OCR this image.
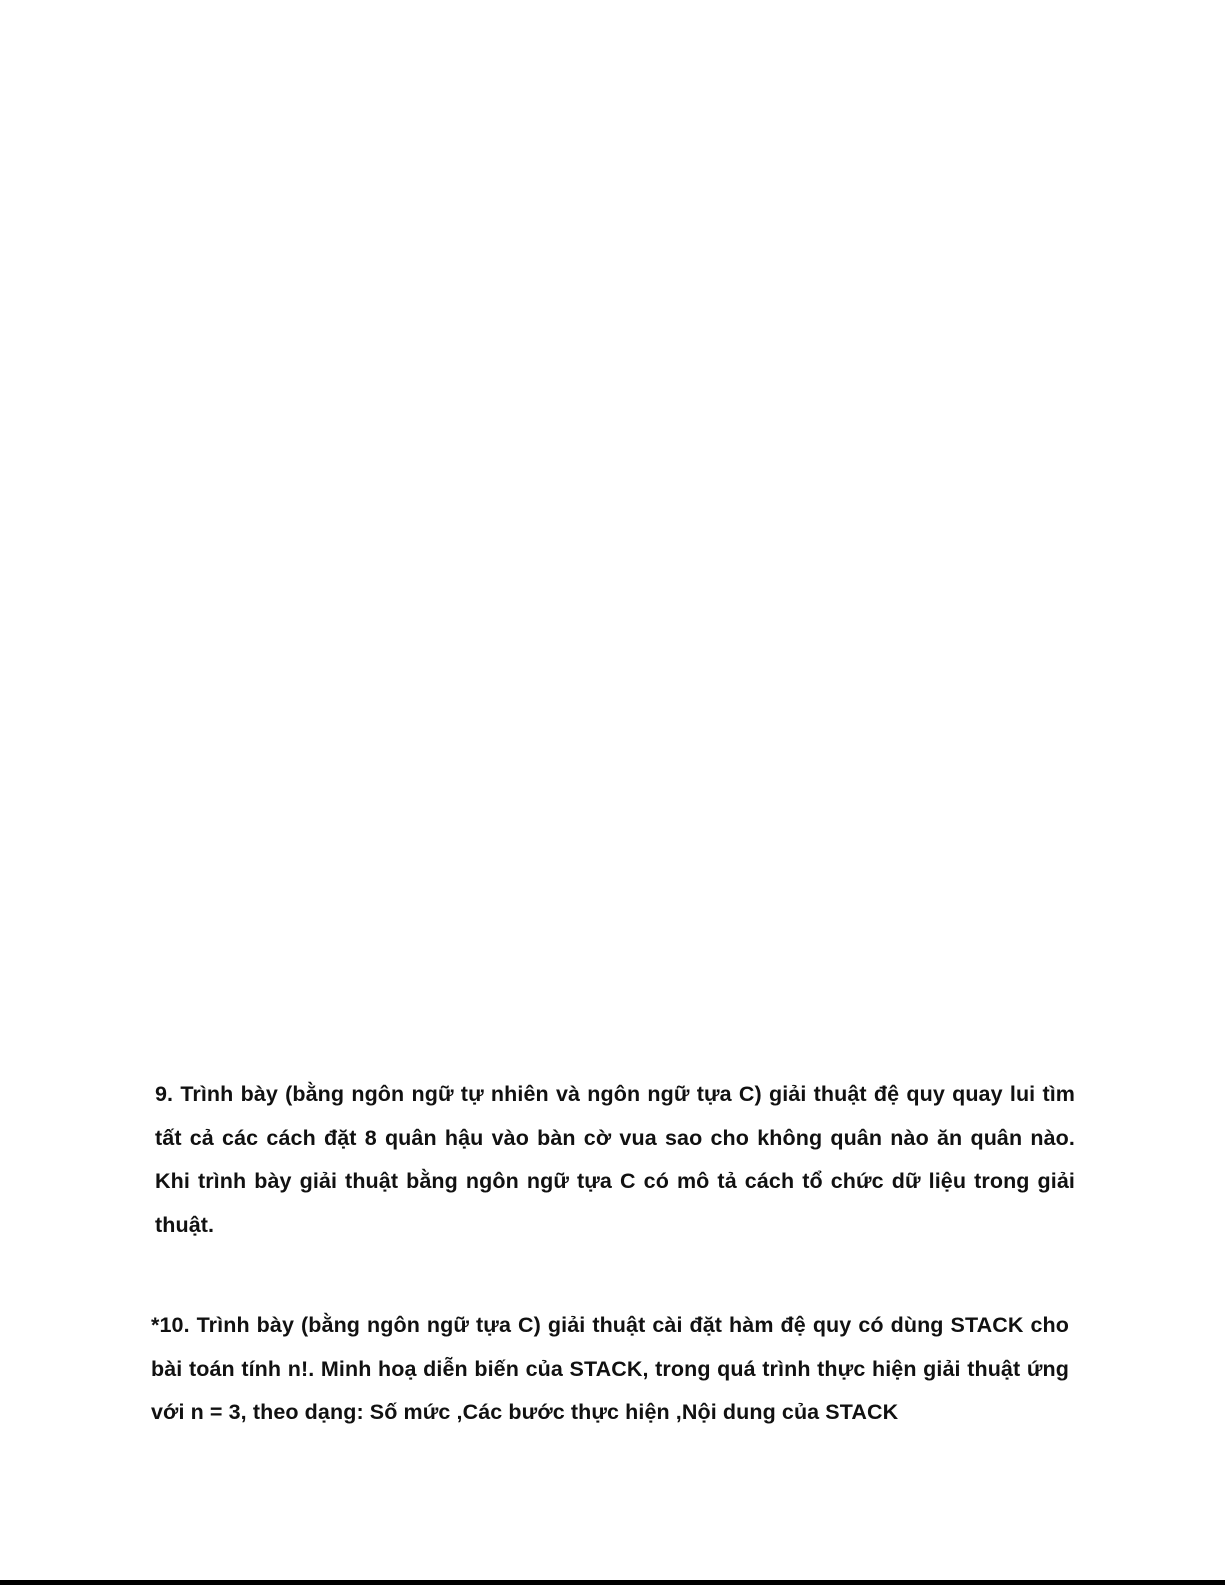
9. Trình bày (bằng ngôn ngữ tự nhiên và ngôn ngữ tựa C) giải thuật đệ quy quay lui tìm tất cả các cách đặt 8 quân hậu vào bàn cờ vua sao cho không quân nào ăn quân nào. Khi trình bày giải thuật bằng ngôn ngữ tựa C có mô tả cách tổ chức dữ liệu trong giải thuật.

*10. Trình bày (bằng ngôn ngữ tựa C) giải thuật cài đặt hàm đệ quy có dùng STACK cho bài toán tính n!. Minh hoạ diễn biến của STACK, trong quá trình thực hiện giải thuật ứng với n = 3, theo dạng: Số mức ,Các bước thực hiện ,Nội dung của STACK
